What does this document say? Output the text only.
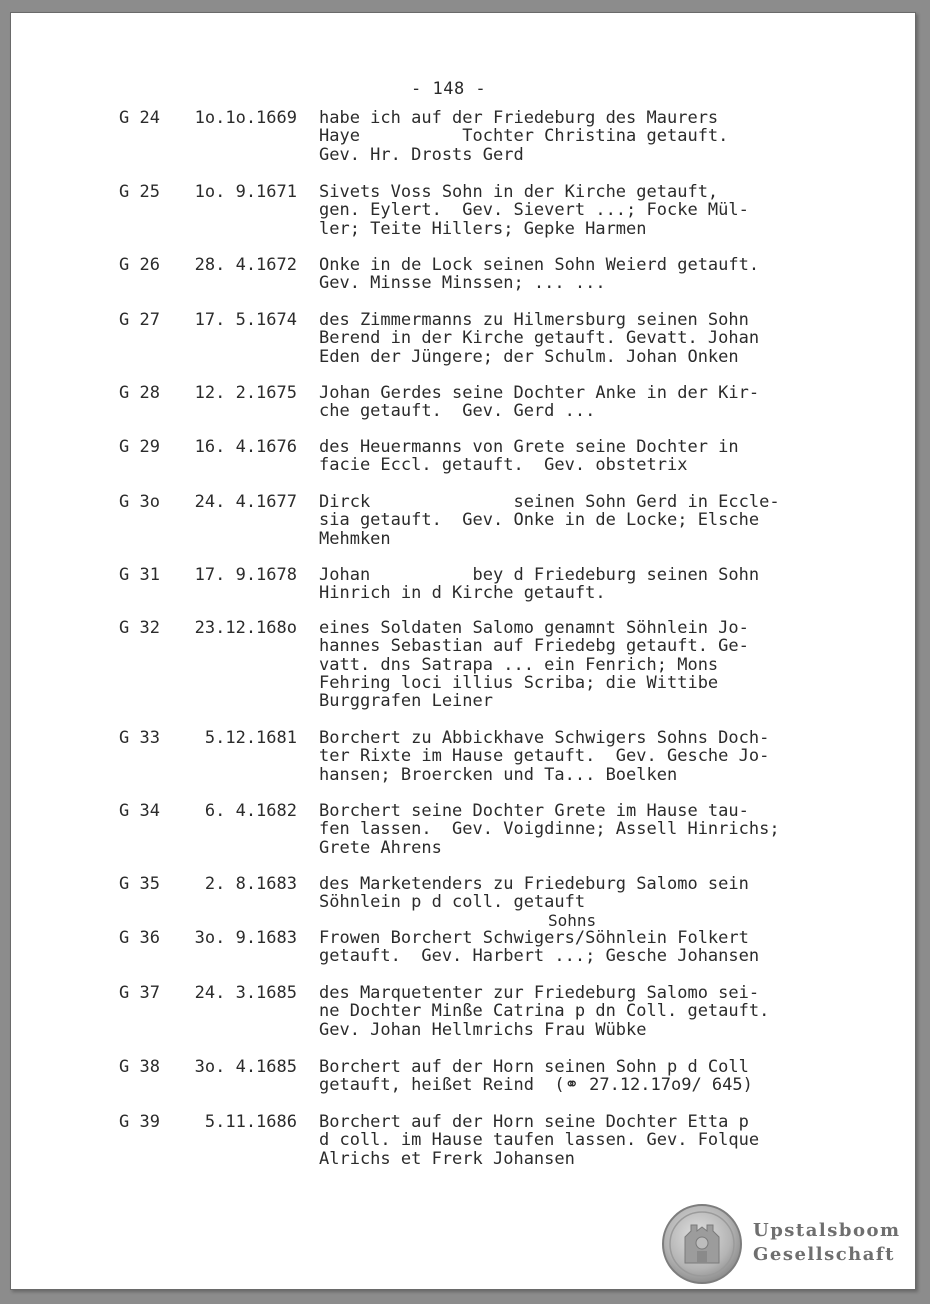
- 148 -
G 24	1o.1o.1669 habe ich auf der Friedeburg des Maurers
Haye          Tochter Christina getauft.
Gev. Hr. Drosts Gerd
G 25	1o. 9.1671 Sivets Voss Sohn in der Kirche getauft,
gen. Eylert.  Gev. Sievert ...; Focke Mül-
ler; Teite Hillers; Gepke Harmen
G 26	28. 4.1672 Onke in de Lock seinen Sohn Weierd getauft.
Gev. Minsse Minssen; ... ...
G 27	17. 5.1674 des Zimmermanns zu Hilmersburg seinen Sohn
Berend in der Kirche getauft. Gevatt. Johan
Eden der Jüngere; der Schulm. Johan Onken
G 28	12. 2.1675 Johan Gerdes seine Dochter Anke in der Kir-
che getauft.  Gev. Gerd ...
G 29	16. 4.1676 des Heuermanns von Grete seine Dochter in
facie Eccl. getauft.  Gev. obstetrix
G 3o	24. 4.1677 Dirck              seinen Sohn Gerd in Eccle-
sia getauft.  Gev. Onke in de Locke; Elsche
Mehmken
G 31	17. 9.1678 Johan          bey d Friedeburg seinen Sohn
Hinrich in d Kirche getauft.
G 32	23.12.168o eines Soldaten Salomo genamnt Söhnlein Jo-
hannes Sebastian auf Friedebg getauft. Ge-
vatt. dns Satrapa ... ein Fenrich; Mons
Fehring loci illius Scriba; die Wittibe
Burggrafen Leiner
G 33	5.12.1681 Borchert zu Abbickhave Schwigers Sohns Doch-
ter Rixte im Hause getauft.  Gev. Gesche Jo-
hansen; Broercken und Ta... Boelken
G 34	6. 4.1682 Borchert seine Dochter Grete im Hause tau-
fen lassen.  Gev. Voigdinne; Assell Hinrichs;
Grete Ahrens
G 35	2. 8.1683 des Marketenders zu Friedeburg Salomo sein
Söhnlein p d coll. getauft
G 36	3o. 9.1683
Sohns
Frowen Borchert Schwigers/Söhnlein Folkert
getauft.  Gev. Harbert ...; Gesche Johansen
G 37	24. 3.1685 des Marquetenter zur Friedeburg Salomo sei-
ne Dochter Minße Catrina p dn Coll. getauft.
Gev. Johan Hellmrichs Frau Wübke
G 38	3o. 4.1685 Borchert auf der Horn seinen Sohn p d Coll
getauft, heißet Reind  (⚭ 27.12.17o9/ 645)
G 39	5.11.1686 Borchert auf der Horn seine Dochter Etta p
d coll. im Hause taufen lassen. Gev. Folque
Alrichs et Frerk Johansen
Upstalsboom
Gesellschaft
